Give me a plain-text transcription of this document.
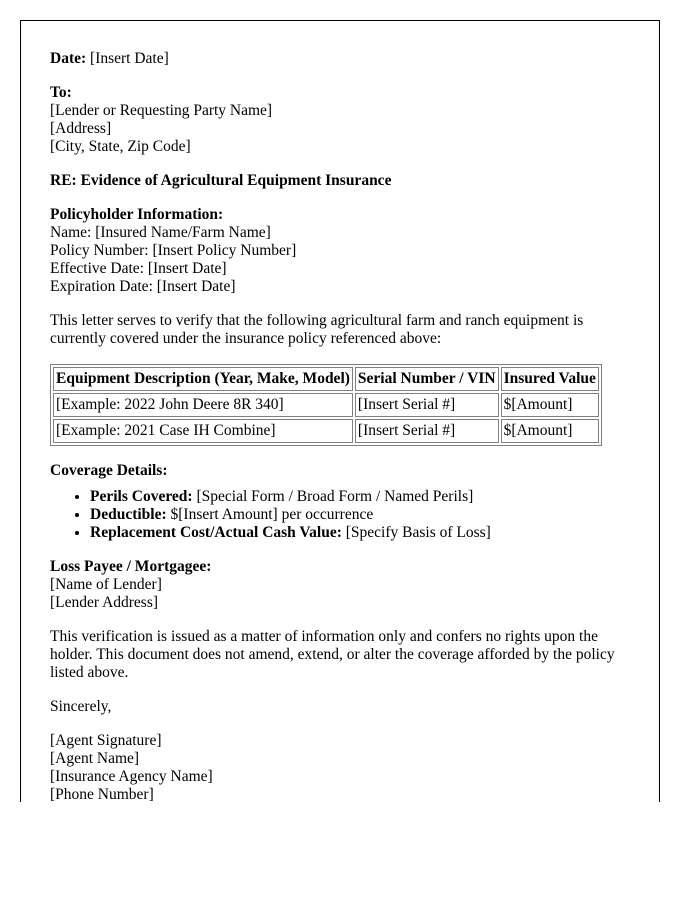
Date: [Insert Date]

To:
[Lender or Requesting Party Name]
[Address]
[City, State, Zip Code]

RE: Evidence of Agricultural Equipment Insurance

Policyholder Information:
Name: [Insured Name/Farm Name]
Policy Number: [Insert Policy Number]
Effective Date: [Insert Date]
Expiration Date: [Insert Date]

This letter serves to verify that the following agricultural farm and ranch equipment is currently covered under the insurance policy referenced above:

Equipment Description (Year, Make, Model)	Serial Number / VIN	Insured Value
[Example: 2022 John Deere 8R 340]	[Insert Serial #]	$[Amount]
[Example: 2021 Case IH Combine]	[Insert Serial #]	$[Amount]
Coverage Details:
• Perils Covered: [Special Form / Broad Form / Named Perils]
• Deductible: $[Insert Amount] per occurrence
• Replacement Cost/Actual Cash Value: [Specify Basis of Loss]
Loss Payee / Mortgagee:
[Name of Lender]
[Lender Address]

This verification is issued as a matter of information only and confers no rights upon the holder. This document does not amend, extend, or alter the coverage afforded by the policy listed above.

Sincerely,

[Agent Signature]
[Agent Name]
[Insurance Agency Name]
[Phone Number]
